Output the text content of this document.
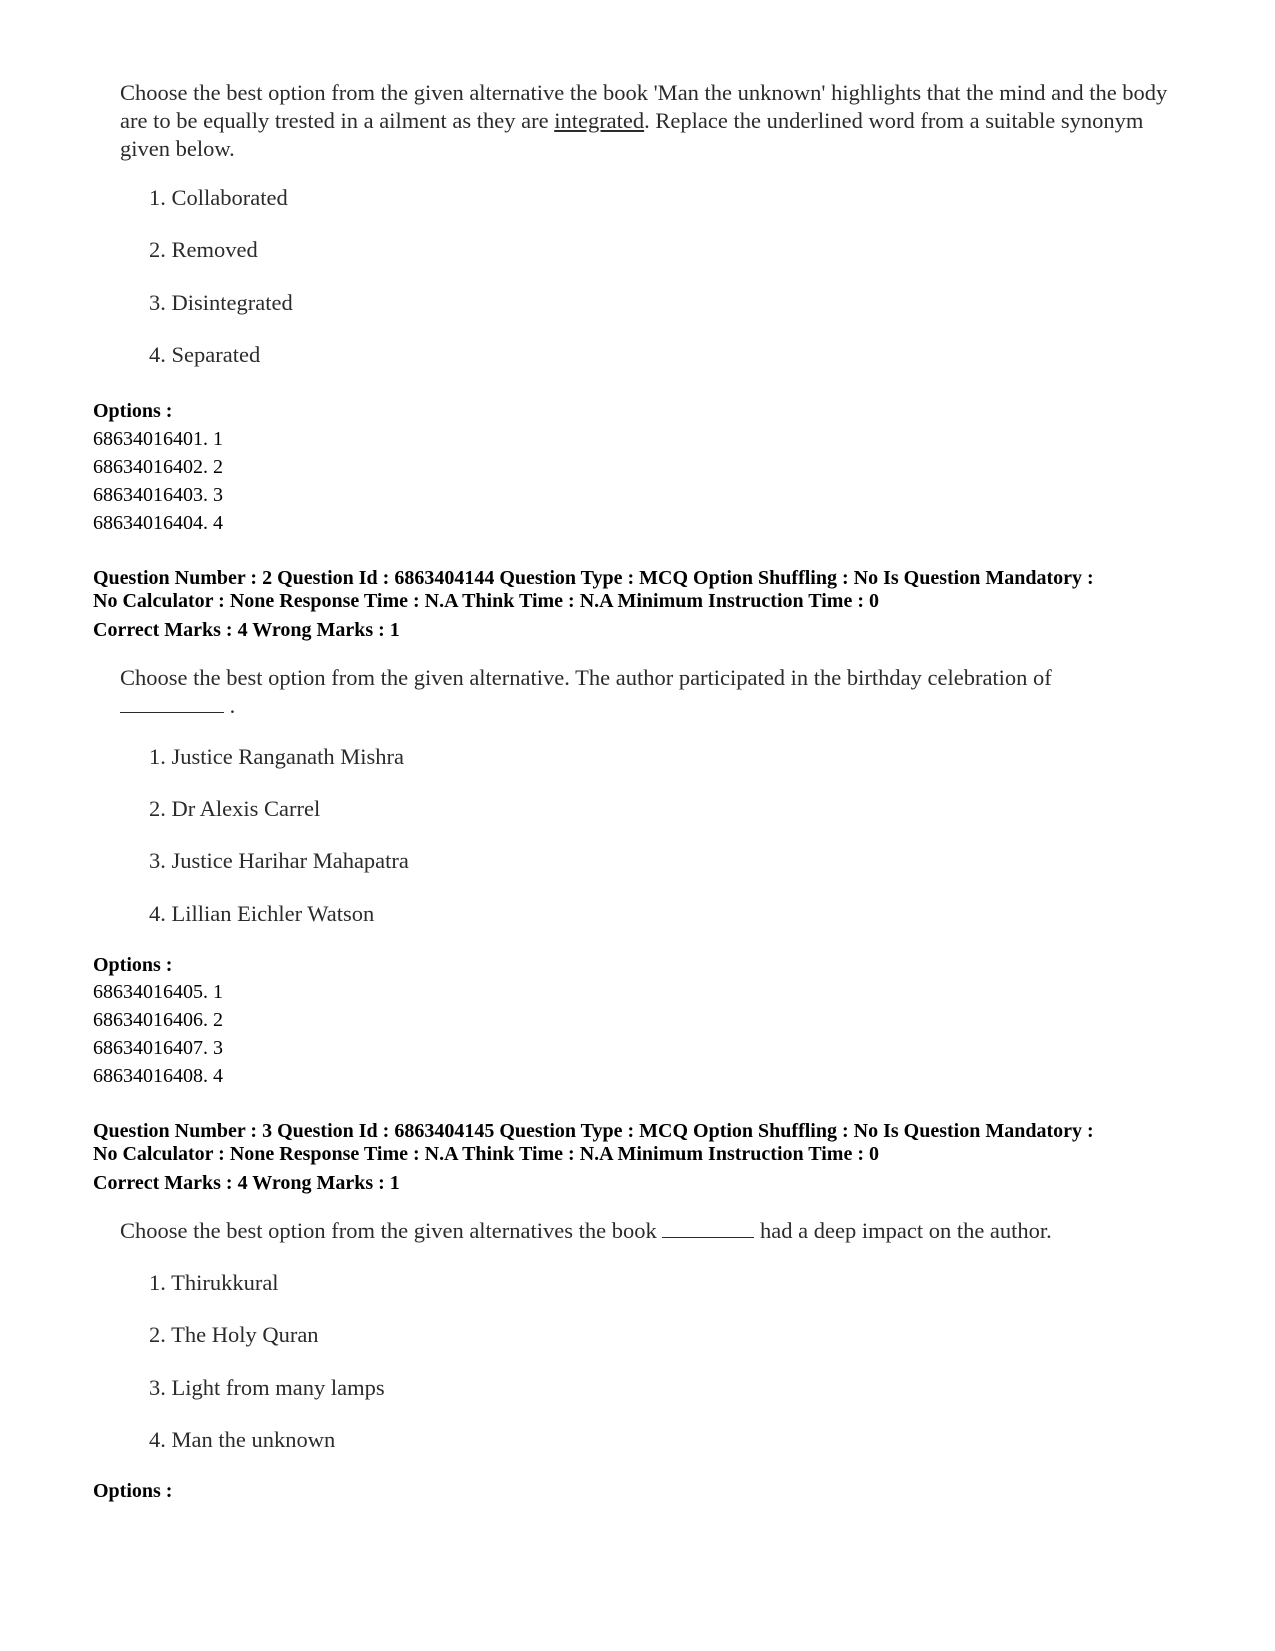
Choose the best option from the given alternative the book 'Man the unknown' highlights that the mind and the body are to be equally trested in a ailment as they are integrated. Replace the underlined word from a suitable synonym given below.

1. Collaborated
2. Removed
3. Disintegrated
4. Separated
Options :
68634016401. 1
68634016402. 2
68634016403. 3
68634016404. 4
Question Number : 2 Question Id : 6863404144 Question Type : MCQ Option Shuffling : No Is Question Mandatory :
No Calculator : None Response Time : N.A Think Time : N.A Minimum Instruction Time : 0
Correct Marks : 4 Wrong Marks : 1

Choose the best option from the given alternative. The author participated in the birthday celebration of
.

1. Justice Ranganath Mishra
2. Dr Alexis Carrel
3. Justice Harihar Mahapatra
4. Lillian Eichler Watson
Options :
68634016405. 1
68634016406. 2
68634016407. 3
68634016408. 4
Question Number : 3 Question Id : 6863404145 Question Type : MCQ Option Shuffling : No Is Question Mandatory :
No Calculator : None Response Time : N.A Think Time : N.A Minimum Instruction Time : 0
Correct Marks : 4 Wrong Marks : 1

Choose the best option from the given alternatives the book	had a deep impact on the author.

1. Thirukkural
2. The Holy Quran
3. Light from many lamps
4. Man the unknown
Options :
